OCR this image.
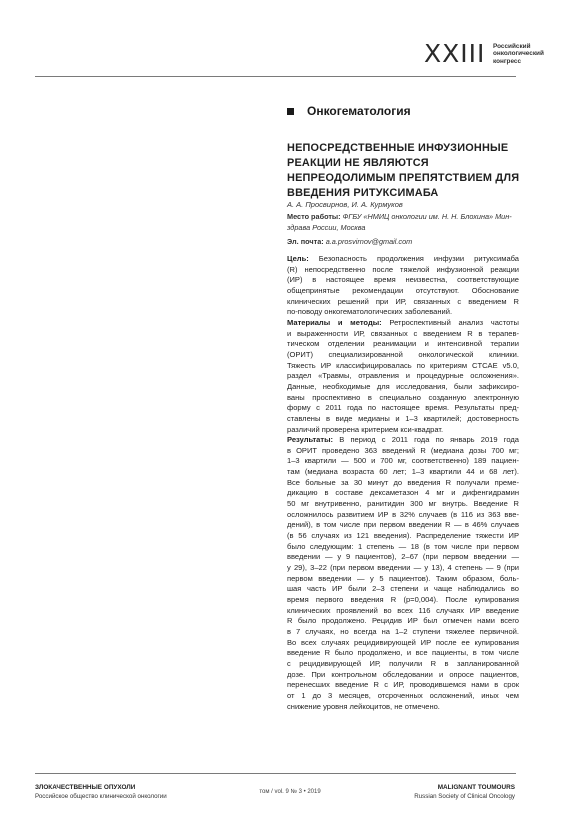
XXIII Российский
онкологический
конгресс
Онкогематология
НЕПОСРЕДСТВЕННЫЕ ИНФУЗИОННЫЕ
РЕАКЦИИ НЕ ЯВЛЯЮТСЯ
НЕПРЕОДОЛИМЫМ ПРЕПЯТСТВИЕМ ДЛЯ
ВВЕДЕНИЯ РИТУКСИМАБА
А. А. Просвирнов, И. А. Курмуков
Место работы: ФГБУ «НМИЦ онкологии им. Н. Н. Блохина» Мин-
здрава России, Москва
Эл. почта: a.a.prosvirnov@gmail.com
Цель: Безопасность продолжения инфузии ритуксимаба
(R) непосредственно после тяжелой инфузионной реакции
(ИР) в настоящее время неизвестна, соответствующие
общепринятые рекомендации отсутствуют. Обоснование
клинических решений при ИР, связанных с введением R
по-поводу онкогематологических заболеваний.
Материалы и методы: Ретроспективный анализ частоты
и выраженности ИР, связанных с введением R в терапев-
тическом отделении реанимации и интенсивной терапии
(ОРИТ) специализированной онкологической клиники.
Тяжесть ИР классифицировалась по критериям CTCAE v5.0,
раздел «Травмы, отравления и процедурные осложнения».
Данные, необходимые для исследования, были зафиксиро-
ваны проспективно в специально созданную электронную
форму с 2011 года по настоящее время. Результаты пред-
ставлены в виде медианы и 1–3 квартилей; достоверность
различий проверена критерием кси-квадрат.
Результаты: В период с 2011 года по январь 2019 года
в ОРИТ проведено 363 введений R (медиана дозы 700 мг;
1–3 квартили — 500 и 700 мг, соответственно) 189 пациен-
там (медиана возраста 60 лет; 1–3 квартили 44 и 68 лет).
Все больные за 30 минут до введения R получали преме-
дикацию в составе дексаметазон 4 мг и дифенгидрамин
50 мг внутривенно, ранитидин 300 мг внутрь. Введение R
осложнилось развитием ИР в 32% случаев (в 116 из 363 вве-
дений), в том числе при первом введении R — в 46% случаев
(в 56 случаях из 121 введения). Распределение тяжести ИР
было следующим: 1 степень — 18 (в том числе при первом
введении — у 9 пациентов), 2–67 (при первом введении —
у 29), 3–22 (при первом введении — у 13), 4 степень — 9 (при
первом введении — у 5 пациентов). Таким образом, боль-
шая часть ИР были 2–3 степени и чаще наблюдались во
время первого введения R (p=0,004). После купирования
клинических проявлений во всех 116 случаях ИР введение
R было продолжено. Рецидив ИР был отмечен нами всего
в 7 случаях, но всегда на 1–2 ступени тяжелее первичной.
Во всех случаях рецидивирующей ИР после ее купирования
введение R было продолжено, и все пациенты, в том числе
с рецидивирующей ИР, получили R в запланированной
дозе. При контрольном обследовании и опросе пациентов,
перенесших введение R с ИР, проводившемся нами в срок
от 1 до 3 месяцев, отсроченных осложнений, иных чем
снижение уровня лейкоцитов, не отмечено.
ЗЛОКАЧЕСТВЕННЫЕ ОПУХОЛИ
Российское общество клинической онкологии
том / vol. 9 № 3 • 2019
MALIGNANT TOUMOURS
Russian Society of Clinical Oncology
